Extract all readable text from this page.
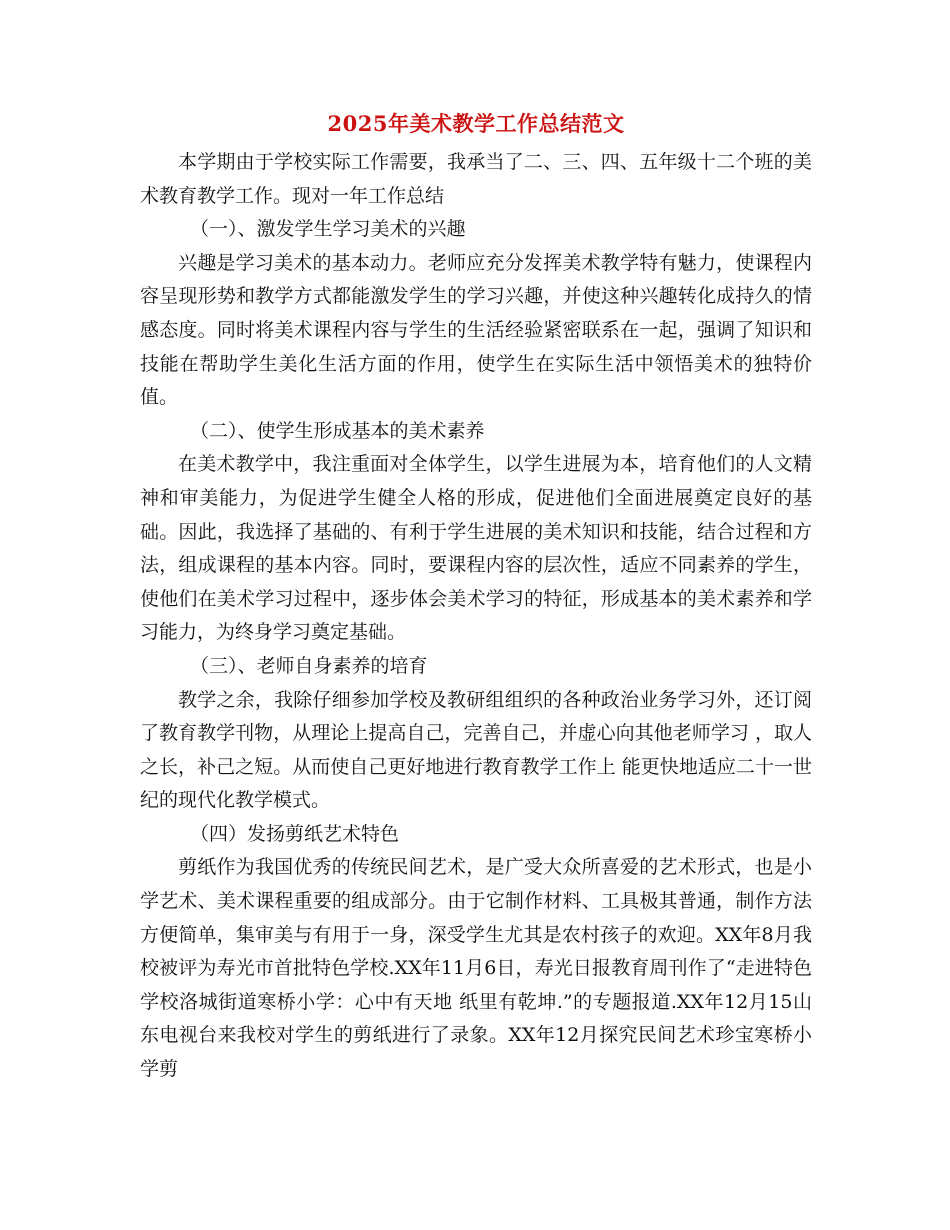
2025年美术教学工作总结范文

本学期由于学校实际工作需要，我承当了二、三、四、五年级十二个班的美术教育教学工作。现对一年工作总结

（一）、激发学生学习美术的兴趣

兴趣是学习美术的基本动力。老师应充分发挥美术教学特有魅力，使课程内容呈现形势和教学方式都能激发学生的学习兴趣，并使这种兴趣转化成持久的情感态度。同时将美术课程内容与学生的生活经验紧密联系在一起，强调了知识和技能在帮助学生美化生活方面的作用，使学生在实际生活中领悟美术的独特价值。

（二）、使学生形成基本的美术素养

在美术教学中，我注重面对全体学生，以学生进展为本，培育他们的人文精神和审美能力，为促进学生健全人格的形成，促进他们全面进展奠定良好的基础。因此，我选择了基础的、有利于学生进展的美术知识和技能，结合过程和方法，组成课程的基本内容。同时，要课程内容的层次性，适应不同素养的学生，使他们在美术学习过程中，逐步体会美术学习的特征，形成基本的美术素养和学习能力，为终身学习奠定基础。

（三）、老师自身素养的培育

教学之余，我除仔细参加学校及教研组组织的各种政治业务学习外，还订阅了教育教学刊物，从理论上提高自己，完善自己，并虚心向其他老师学习 ，取人之长，补己之短。从而使自己更好地进行教育教学工作上 能更快地适应二十一世纪的现代化教学模式。

（四）发扬剪纸艺术特色

剪纸作为我国优秀的传统民间艺术，是广受大众所喜爱的艺术形式，也是小学艺术、美术课程重要的组成部分。由于它制作材料、工具极其普通，制作方法方便简单，集审美与有用于一身，深受学生尤其是农村孩子的欢迎。XX年8月我校被评为寿光市首批特色学校.XX年11月6日，寿光日报教育周刊作了“走进特色学校洛城街道寒桥小学：心中有天地 纸里有乾坤.”的专题报道.XX年12月15山东电视台来我校对学生的剪纸进行了录象。XX年12月探究民间艺术珍宝寒桥小学剪
